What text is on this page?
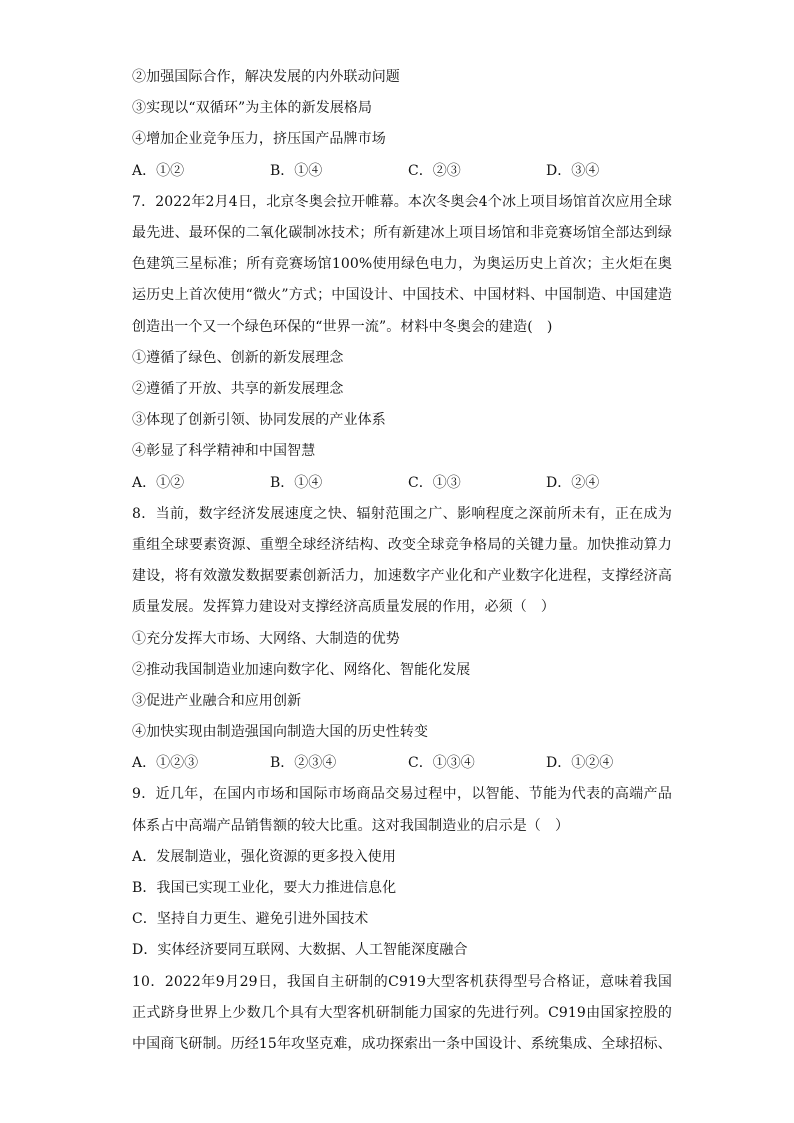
②加强国际合作，解决发展的内外联动问题
③实现以“双循环”为主体的新发展格局
④增加企业竞争压力，挤压国产品牌市场
A．①②	B．①④	C．②③	D．③④
7．2022年2月4日，北京冬奥会拉开帷幕。本次冬奥会4个冰上项目场馆首次应用全球最先进、最环保的二氧化碳制冰技术；所有新建冰上项目场馆和非竞赛场馆全部达到绿色建筑三星标准；所有竞赛场馆100%使用绿色电力，为奥运历史上首次；主火炬在奥运历史上首次使用“微火”方式；中国设计、中国技术、中国材料、中国制造、中国建造创造出一个又一个绿色环保的“世界一流”。材料中冬奥会的建造(　)
①遵循了绿色、创新的新发展理念
②遵循了开放、共享的新发展理念
③体现了创新引领、协同发展的产业体系
④彰显了科学精神和中国智慧
A．①②	B．①④	C．①③	D．②④
8．当前，数字经济发展速度之快、辐射范围之广、影响程度之深前所未有，正在成为重组全球要素资源、重塑全球经济结构、改变全球竞争格局的关键力量。加快推动算力建设，将有效激发数据要素创新活力，加速数字产业化和产业数字化进程，支撑经济高质量发展。发挥算力建设对支撑经济高质量发展的作用，必须（　）
①充分发挥大市场、大网络、大制造的优势
②推动我国制造业加速向数字化、网络化、智能化发展
③促进产业融合和应用创新
④加快实现由制造强国向制造大国的历史性转变
A．①②③	B．②③④	C．①③④	D．①②④
9．近几年，在国内市场和国际市场商品交易过程中，以智能、节能为代表的高端产品体系占中高端产品销售额的较大比重。这对我国制造业的启示是（　）
A．发展制造业，强化资源的更多投入使用
B．我国已实现工业化，要大力推进信息化
C．坚持自力更生、避免引进外国技术
D．实体经济要同互联网、大数据、人工智能深度融合
10．2022年9月29日，我国自主研制的C919大型客机获得型号合格证，意味着我国正式跻身世界上少数几个具有大型客机研制能力国家的先进行列。C919由国家控股的中国商飞研制。历经15年攻坚克难，成功探索出一条中国设计、系统集成、全球招标、
